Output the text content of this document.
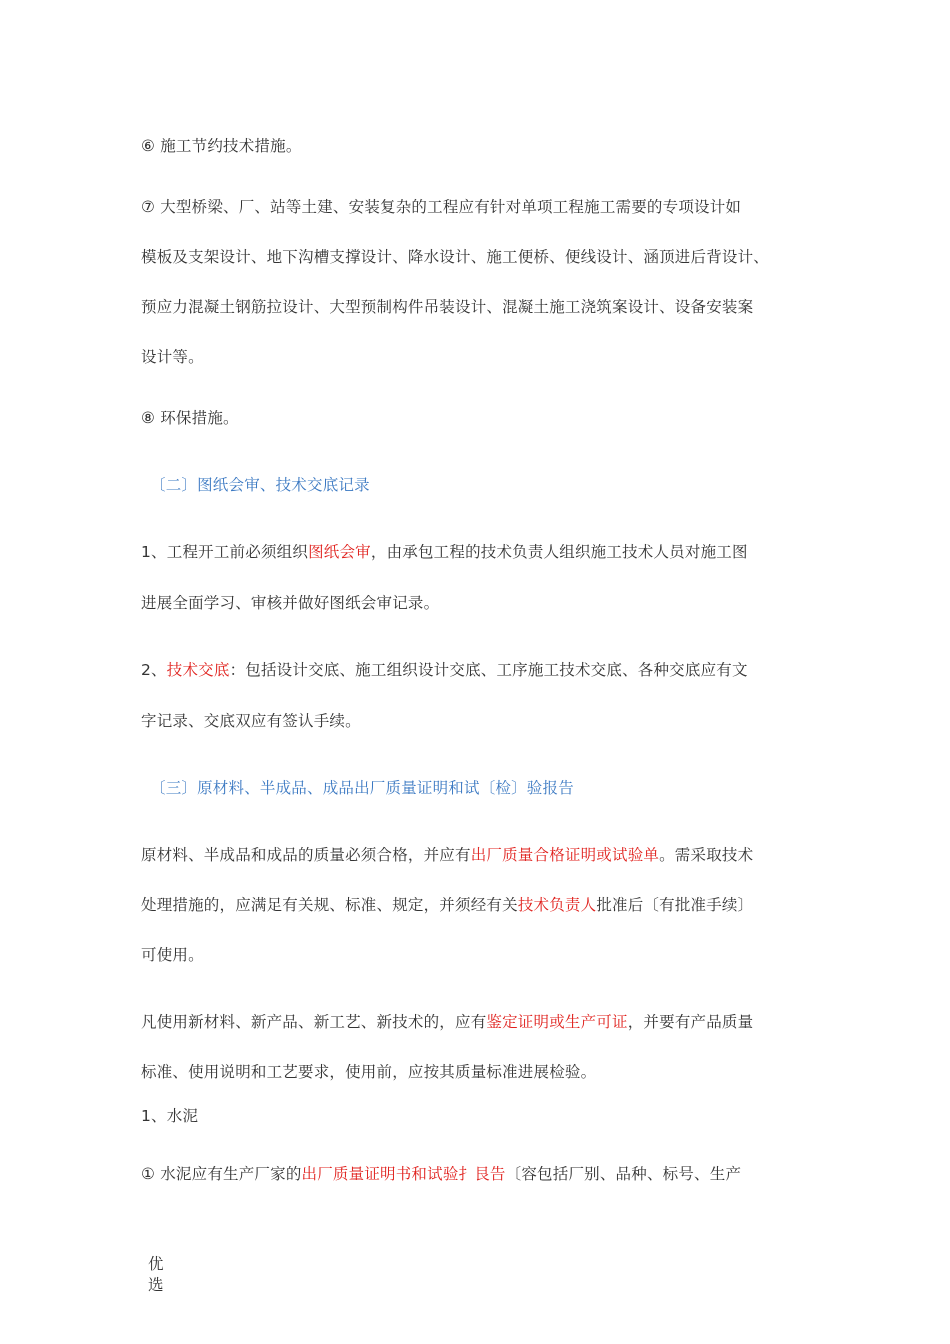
⑥ 施工节约技术措施。

⑦ 大型桥梁、厂、站等土建、安装复杂的工程应有针对单项工程施工需要的专项设计如

模板及支架设计、地下沟槽支撑设计、降水设计、施工便桥、便线设计、涵顶进后背设计、

预应力混凝土钢筋拉设计、大型预制构件吊装设计、混凝土施工浇筑案设计、设备安装案

设计等。

⑧ 环保措施。

〔二〕图纸会审、技术交底记录

1、工程开工前必须组织图纸会审，由承包工程的技术负责人组织施工技术人员对施工图

进展全面学习、审核并做好图纸会审记录。

2、技术交底：包括设计交底、施工组织设计交底、工序施工技术交底、各种交底应有文

字记录、交底双应有签认手续。

〔三〕原材料、半成品、成品出厂质量证明和试〔检〕验报告

原材料、半成品和成品的质量必须合格，并应有出厂质量合格证明或试验单。需采取技术

处理措施的，应满足有关规、标准、规定，并须经有关技术负责人批准后〔有批准手续〕

可使用。

凡使用新材料、新产品、新工艺、新技术的，应有鉴定证明或生产可证，并要有产品质量

标准、使用说明和工艺要求，使用前，应按其质量标准进展检验。

1、水泥

① 水泥应有生产厂家的出厂质量证明书和试验扌艮告〔容包括厂别、品种、标号、生产

优选
